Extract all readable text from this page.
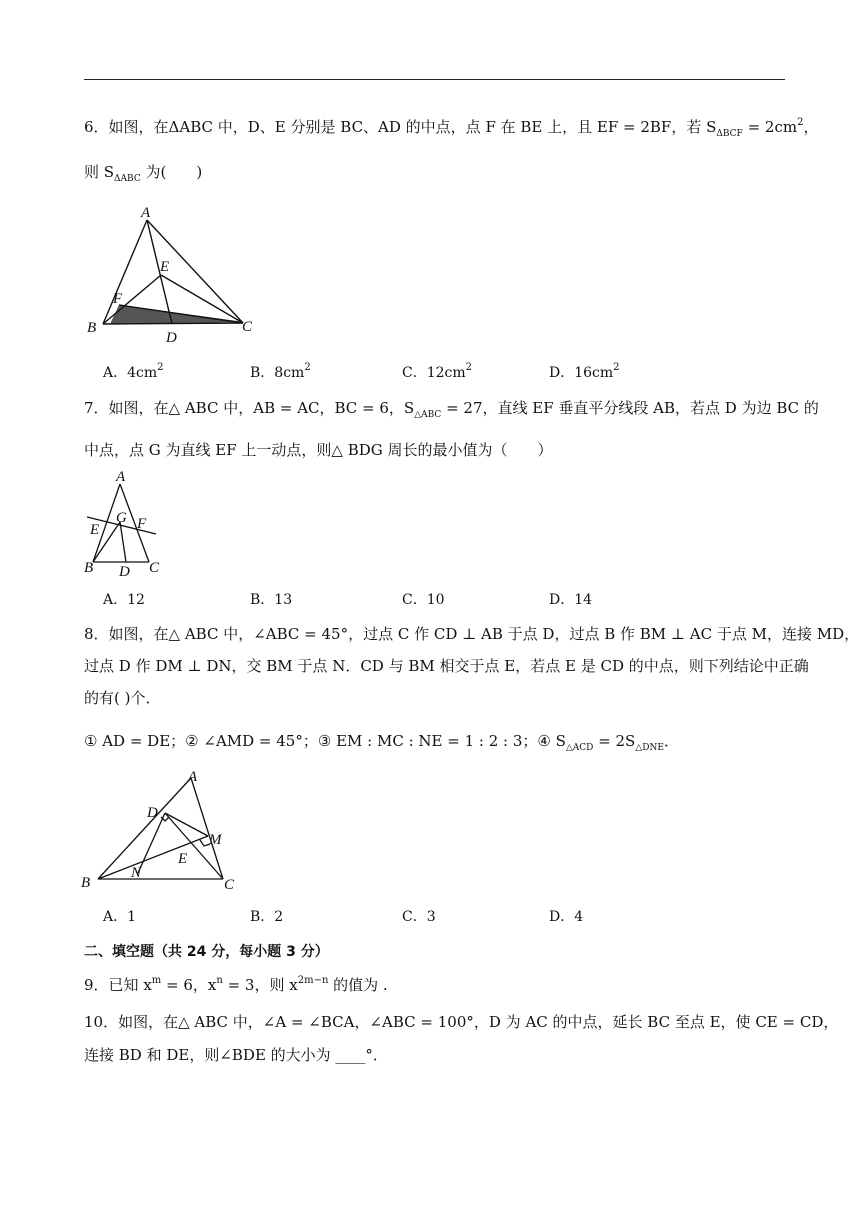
6．如图，在ΔABC 中，D、E 分别是 BC、AD 的中点，点 F 在 BE 上，且 EF = 2BF，若 $S_{\Delta BCF} = 2cm^2$，
则 $S_{\Delta ABC}$ 为(　　)
A
E
F
B
D
C
A．$4cm^2$	B．$8cm^2$	C．$12cm^2$	D．$16cm^2$
7．如图，在△ ABC 中，AB = AC，BC = 6，$S_{\triangle ABC} = 27$，直线 EF 垂直平分线段 AB，若点 D 为边 BC 的
中点，点 G 为直线 EF 上一动点，则△ BDG 周长的最小值为（　　）
A
G F
E
B D C
A．12	B．13	C．10	D．14
8．如图，在△ ABC 中，∠ABC = 45°，过点 C 作 CD ⊥ AB 于点 D，过点 B 作 BM ⊥ AC 于点 M，连接 MD，
过点 D 作 DM ⊥ DN，交 BM 于点 N．CD 与 BM 相交于点 E，若点 E 是 CD 的中点，则下列结论中正确
的有( )个．
① AD = DE；② ∠AMD = 45°；③ EM : MC : NE = 1 : 2 : 3；④ $S_{\triangle ACD} = 2S_{\triangle DNE}$．
A
D
M
E
B
N
C
A．1	B．2	C．3	D．4
二、填空题（共 24 分，每小题 3 分）
9．已知 $x^m = 6$，$x^n = 3$，则 $x^{2m-n}$ 的值为 .
10．如图，在△ ABC 中，∠A = ∠BCA，∠ABC = 100°，D 为 AC 的中点，延长 BC 至点 E，使 CE = CD，
连接 BD 和 DE，则∠BDE 的大小为 ____°．
